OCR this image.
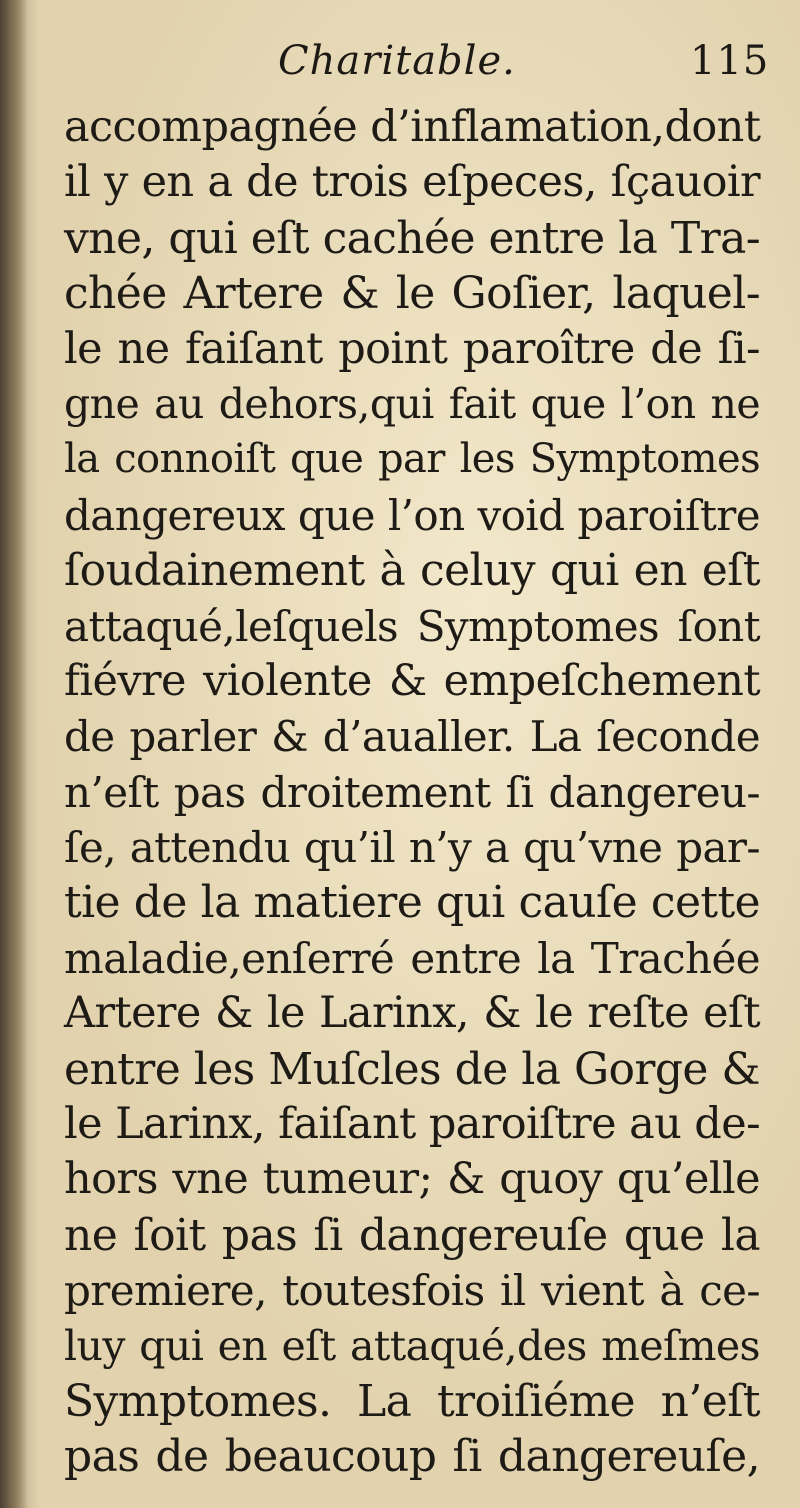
Charitable.	115
accompagnée d’inflamation,dont
il y en a de trois eſpeces, ſçauoir
vne, qui eſt cachée entre la Tra-
chée Artere & le Goſier, laquel-
le ne faiſant point paroître de ſi-
gne au dehors,qui fait que l’on ne
la connoiſt que par les Symptomes
dangereux que l’on void paroiſtre
ſoudainement à celuy qui en eſt
attaqué,leſquels Symptomes ſont
fiévre violente & empeſchement
de parler & d’aualler. La ſeconde
n’eſt pas droitement ſi dangereu-
ſe, attendu qu’il n’y a qu’vne par-
tie de la matiere qui cauſe cette
maladie,enſerré entre la Trachée
Artere & le Larinx, & le reſte eſt
entre les Muſcles de la Gorge &
le Larinx, faiſant paroiſtre au de-
hors vne tumeur; & quoy qu’elle
ne ſoit pas ſi dangereuſe que la
premiere, toutesfois il vient à ce-
luy qui en eſt attaqué,des meſmes
Symptomes. La troiſiéme n’eſt
pas de beaucoup ſi dangereuſe,
